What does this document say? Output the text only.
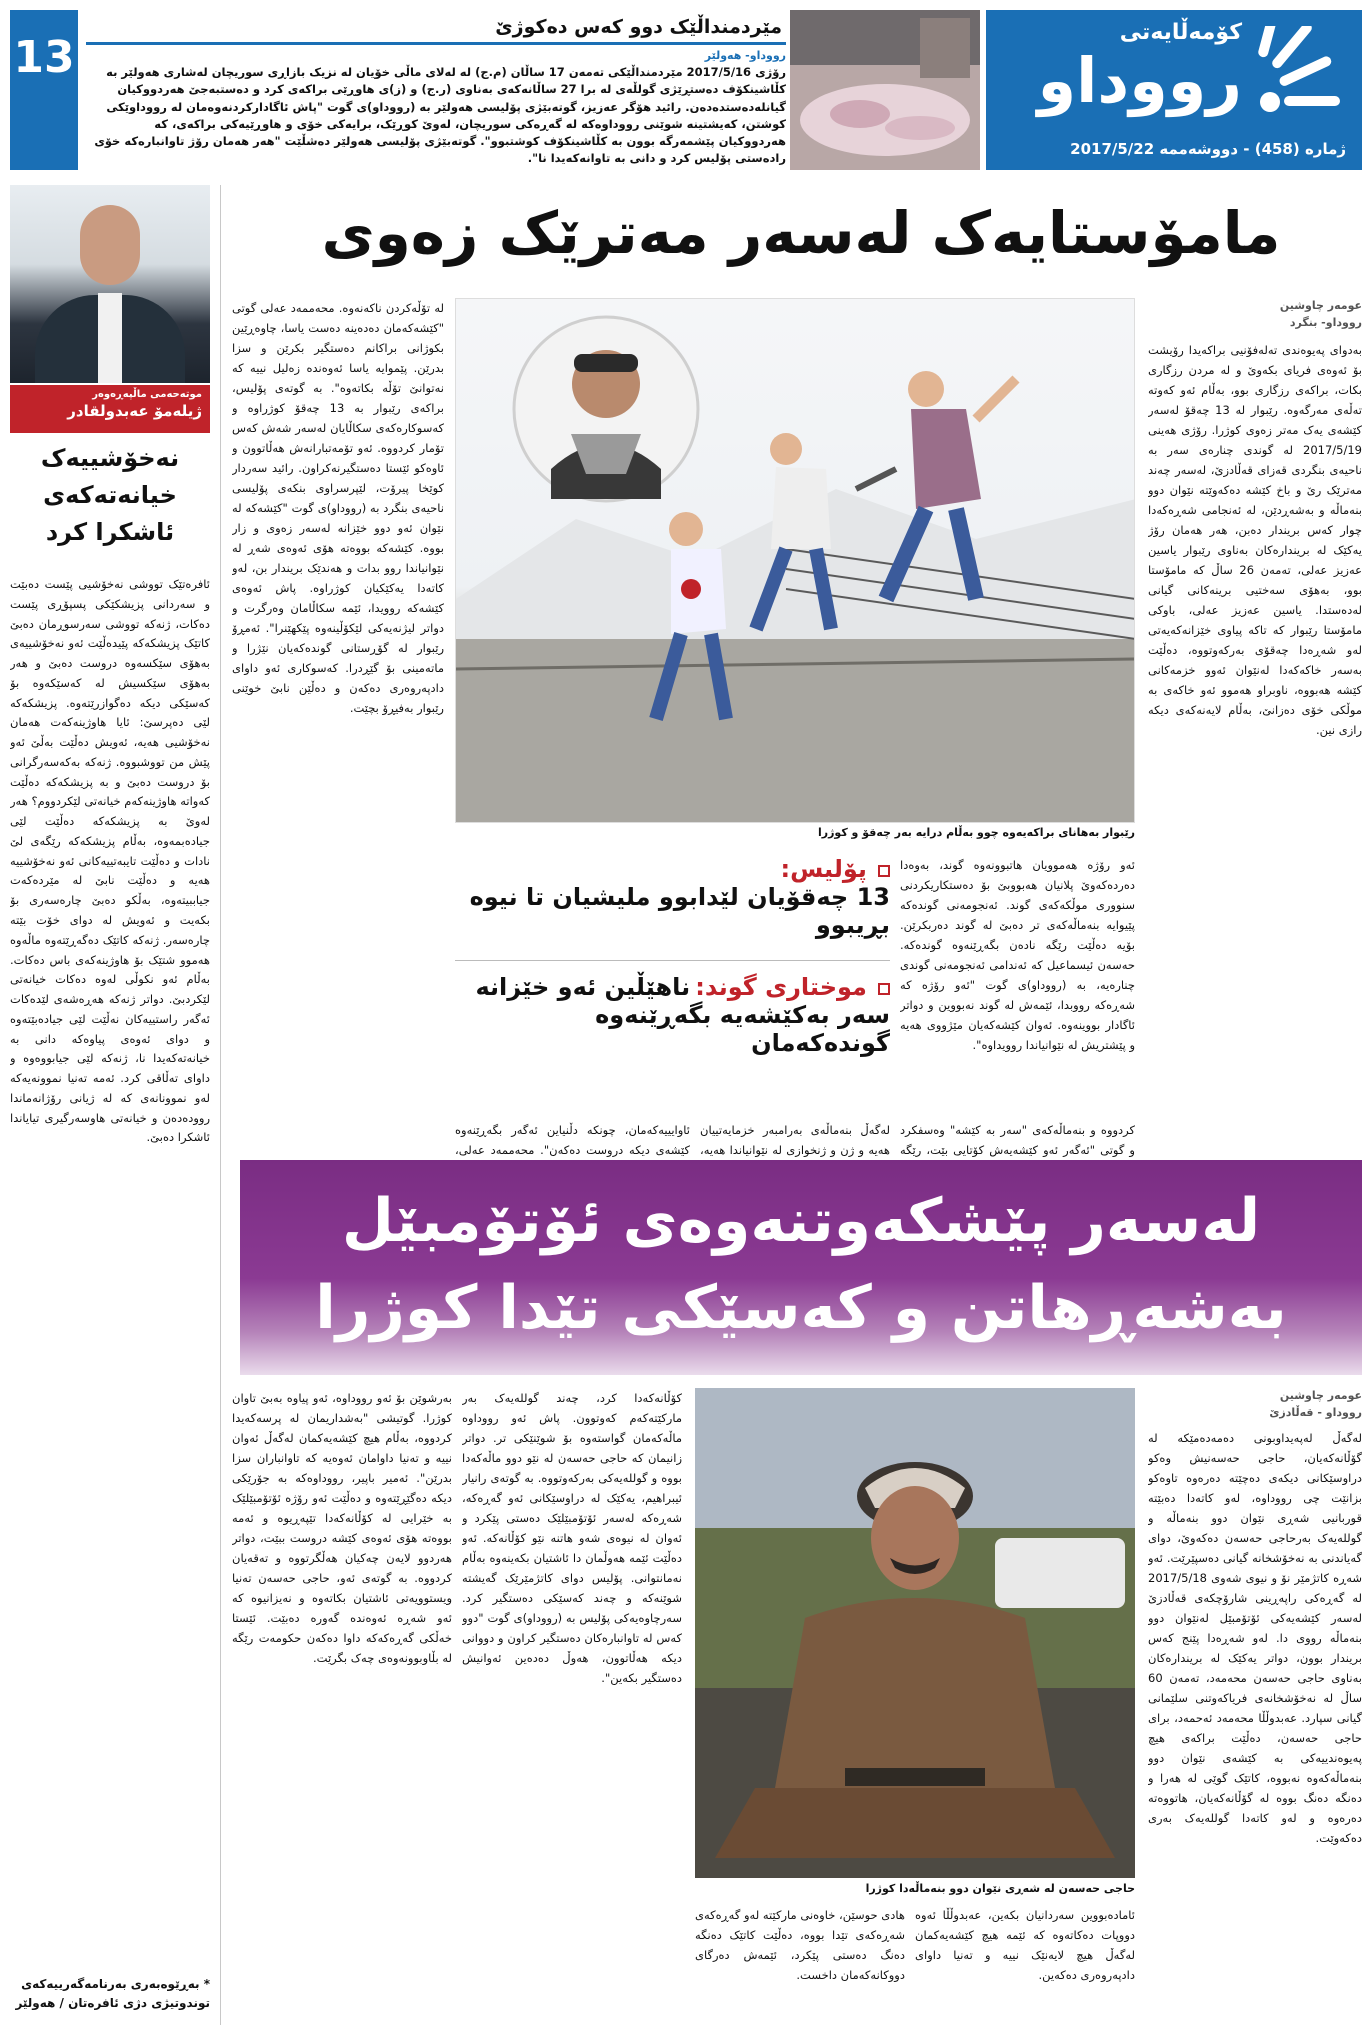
13
مێردمنداڵێک دوو کەس دەکوژێ
رووداو- هەولێر
رۆژی 2017/5/16 مێردمنداڵێکی تەمەن 17 ساڵان (م.ج) لە لەلای ماڵی خۆیان لە نزیک بازاڕی سوریچان لەشاری هەولێر بە کڵاشینکۆف دەستڕێژی گولڵەی لە برا 27 ساڵانەکەی بەناوی (ر.ج) و (ز)ی هاوڕێی براکەی کرد و دەستبەجێ هەردووکیان گیانلەدەستدەدەن. رائید هۆگر عەزیز، گوتەبێژی پۆلیسی هەولێر بە (رووداو)ی گوت "پاش ئاگادارکردنەوەمان لە رووداوێکی کوشتن، کەیشتینە شوێنی رووداوەکە لە گەڕەکی سوریچان، لەوێ کوڕێک، برایەکی خۆی و هاوڕێیەکی براکەی، کە هەردووکیان پێشمەرگە بوون بە کڵاشینکۆف کوشتبوو". گوتەبێژی پۆلیسی هەولێر دەشڵێت "هەر هەمان رۆژ تاوانبارەکە خۆی رادەستی پۆلیس کرد و دانی بە تاوانەکەیدا نا".
کۆمەڵایەتی
رووداو
ژمارە (458) - دووشەممە 2017/5/22
مامۆستایەک لەسەر مەترێک زەوی
موتەحەمی ماڵپەڕەوەر
ژیلەمۆ عەبدولقادر
نەخۆشییەک خیانەتەکەی ئاشکرا کرد
ئافرەتێک تووشی نەخۆشیی پێست دەبێت و سەردانی پزیشکێکی پسپۆڕی پێست دەکات، ژنەکە تووشی سەرسوڕمان دەبێ کاتێک پزیشکەکە پێیدەڵێت ئەو نەخۆشییەی بەهۆی سێکسەوە دروست دەبێ و هەر بەهۆی سێکسیش لە کەسێکەوە بۆ کەسێکی دیکە دەگوازرێتەوە. پزیشکەکە لێی دەپرسێ: ئایا هاوژینەکەت هەمان نەخۆشیی هەیە، ئەویش دەڵێت بەڵێ ئەو پێش من تووشبووە. ژنەکە بەکەسەرگرانی بۆ دروست دەبێ و بە پزیشکەکە دەڵێت کەواتە هاوژینەکەم خیانەتی لێکردووم؟ هەر لەوێ بە پزیشکەکە دەڵێت لێی جیادەبمەوە، بەڵام پزیشکەکە رێگەی لێ نادات و دەڵێت تایبەتییەکانی ئەو نەخۆشییە هەیە و دەڵێت نابێ لە مێردەکەت جیاببیتەوە، بەڵکو دەبێ چارەسەری بۆ بکەیت و ئەویش لە دوای خۆت بێتە چارەسەر. ژنەکە کاتێک دەگەڕێتەوە ماڵەوە هەموو شتێک بۆ هاوژینەکەی باس دەکات. بەڵام ئەو نکوڵی لەوە دەکات خیانەتی لێکردبێ. دواتر ژنەکە هەڕەشەی لێدەکات ئەگەر راستییەکان نەڵێت لێی جیادەبێتەوە و دوای ئەوەی پیاوەکە دانی بە خیانەتەکەیدا نا، ژنەکە لێی جیابووەوە و داوای تەڵاقی کرد. ئەمە تەنیا نموونەیەکە لەو نموونانەی کە لە ژیانی رۆژانەماندا روودەدەن و خیانەتی هاوسەرگیری تیایاندا ئاشکرا دەبێ.
* بەڕێوەبەری بەرنامەگەرییەکەی توندوتیژی دژی ئافرەتان / هەولێر
عومەر چاوشین
رووداو- بنگرد
بەدوای پەیوەندی تەلەفۆنیی براکەیدا رۆیشت بۆ ئەوەی فریای بکەوێ و لە مردن رزگاری بکات، براکەی رزگاری بوو، بەڵام ئەو کەوتە تەڵەی مەرگەوە. رێبوار لە 13 چەقۆ لەسەر کێشەی یەک مەتر زەوی کوژرا. رۆژی هەینی 2017/5/19 لە گوندی چنارەی سەر بە ناحیەی بنگردی قەزای قەڵادزێ، لەسەر چەند مەترێک رێ و باخ کێشە دەکەوێتە نێوان دوو بنەماڵە و بەشەڕدێن، لە ئەنجامی شەڕەکەدا چوار کەس بریندار دەبن، هەر هەمان رۆژ یەکێک لە بریندارەکان بەناوی رێبوار یاسین عەزیز عەلی، تەمەن 26 ساڵ کە مامۆستا بوو، بەهۆی سەختیی برینەکانی گیانی لەدەستدا. یاسین عەزیز عەلی، باوکی مامۆستا رێبوار کە تاکە پیاوی خێزانەکەیەتی لەو شەڕەدا چەقۆی بەرکەوتووە، دەڵێت بەسەر خاکەکەدا لەنێوان ئەوو خزمەکانی کێشە هەبووە، ناوبراو هەموو ئەو خاکەی بە موڵکی خۆی دەزانێ، بەڵام لایەنەکەی دیکە رازی نین.
رێبوار بەهانای براکەیەوە چوو بەڵام درایە بەر چەقۆ و کوژرا
لە تۆڵەکردن ناکەنەوە. محەممەد عەلی گوتی "کێشەکەمان دەدەینە دەست یاسا، چاوەڕێین بکوژانی براکانم دەستگیر بکرێن و سزا بدرێن. پێموایە یاسا ئەوەندە زەلیل نییە کە نەتوانێ تۆڵە بکاتەوە". بە گوتەی پۆلیس، براکەی رێبوار بە 13 چەقۆ کوژراوە و کەسوکارەکەی سکاڵایان لەسەر شەش کەس تۆمار کردووە. ئەو تۆمەتبارانەش هەڵاتوون و ئاوەکو ئێستا دەستگیرنەکراون. رائید سەردار کوێخا پیرۆت، لێپرسراوی بنکەی پۆلیسی ناحیەی بنگرد بە (رووداو)ی گوت "کێشەکە لە نێوان ئەو دوو خێزانە لەسەر زەوی و زار بووە. کێشەکە بووەتە هۆی ئەوەی شەڕ لە نێوانیاندا روو بدات و هەندێک بریندار بن، لەو کاتەدا یەکێکیان کوژراوە. پاش ئەوەی کێشەکە روویدا، ئێمە سکاڵامان وەرگرت و دواتر لیژنەیەکی لێکۆڵینەوە پێکهێنرا". ئەمڕۆ رێبوار لە گۆڕستانی گوندەکەیان نێژرا و ماتەمینی بۆ گێڕدرا. کەسوکاری ئەو داوای دادپەروەری دەکەن و دەڵێن نابێ خوێنی رێبوار بەفیڕۆ بچێت.
پۆلیس:
13 چەقۆیان لێدابوو ملیشیان تا نیوە بڕیبوو
موختاری گوند: ناهێڵین ئەو خێزانە سەر بەکێشەیە بگەڕێنەوە گوندەکەمان
ئەو رۆژە هەموویان هاتبوونەوە گوند، بەوەدا دەردەکەوێ پلانیان هەبووبێ بۆ دەستکاریکردنی سنووری موڵکەکەی گوند. ئەنجومەنی گوندەکە پێیوایە بنەماڵەکەی تر دەبێ لە گوند دەربکرێن. بۆیە دەڵێت رێگە نادەن بگەڕێنەوە گوندەکە. حەسەن ئیسماعیل کە ئەندامی ئەنجومەنی گوندی چنارەیە، بە (رووداو)ی گوت "ئەو رۆژە کە شەڕەکە رووبدا، ئێمەش لە گوند نەبووین و دواتر ئاگادار بووینەوە. ئەوان کێشەکەیان مێژووی هەیە و پێشتریش لە نێوانیاندا روویداوە".
ئاوایییەکەمان، چونکە دڵنیاین ئەگەر بگەڕێنەوە کێشەی دیکە دروست دەکەن". محەممەد عەلی،
لەگەڵ بنەماڵەی بەرامبەر خزمایەتییان هەیە و ژن و ژنخوازی لە نێوانیاندا هەیە،
کردووە و بنەماڵەکەی "سەر بە کێشە" وەسفکرد و گوتی "ئەگەر ئەو کێشەیەش کۆتایی بێت، رێگە
لەسەر پێشکەوتنەوەی ئۆتۆمبێل بەشەڕهاتن و کەسێکی تێدا کوژرا
عومەر چاوشین
رووداو - قەڵادزێ
لەگەڵ لەپەیداوبونی دەمەدەمێکە لە گۆڵانەکەیان، حاجی حەسەنیش وەکو دراوسێکانی دیکەی دەچێتە دەرەوە تاوەکو بزانێت چی رووداوە، لەو کاتەدا دەبێتە قوربانیی شەڕی نێوان دوو بنەماڵە و گوللەیەک بەرحاجی حەسەن دەکەوێ، دوای گەیاندنی بە نەخۆشخانە گیانی دەسپێرێت. ئەو شەڕە کاتژمێر نۆ و نیوی شەوی 2017/5/18 لە گەڕەکی راپەڕینی شارۆچکەی قەڵادزێ لەسەر کێشەیەکی ئۆتۆمبێل لەنێوان دوو بنەماڵە رووی دا. لەو شەڕەدا پێنج کەس بریندار بوون، دواتر یەکێک لە بریندارەکان بەناوی حاجی حەسەن محەمەد، تەمەن 60 ساڵ لە نەخۆشخانەی فریاکەوتنی سلێمانی گیانی سپارد. عەبدوڵڵا محەمەد ئەحمەد، برای حاجی حەسەن، دەڵێت براکەی هیچ پەیوەندییەکی بە کێشەی نێوان دوو بنەماڵەکەوە نەبووە، کاتێک گوێی لە هەرا و دەنگە دەنگ بووە لە گۆڵانەکەیان، هاتووەتە دەرەوە و لەو کاتەدا گوللەیەک بەری دەکەوێت.
حاجی حەسەن لە شەڕی نێوان دوو بنەماڵەدا کوژرا
ئامادەبووین سەردانیان بکەین، عەبدوڵڵا ئەوە دووپات دەکاتەوە کە ئێمە هیچ کێشەیەکمان لەگەڵ هیچ لایەنێک نییە و تەنیا داوای دادپەروەری دەکەین.
هادی حوسێن، خاوەنی مارکێتە لەو گەڕەکەی شەڕەکەی تێدا بووە، دەڵێت کاتێک دەنگە دەنگ دەستی پێکرد، ئێمەش دەرگای دووکانەکەمان داخست.
کۆڵانەکەدا کرد، چەند گوللەیەک بەر مارکێتەکەم کەوتوون. پاش ئەو رووداوە ماڵەکەمان گواستەوە بۆ شوێنێکی تر. دواتر زانیمان کە حاجی حەسەن لە نێو دوو ماڵەکەدا بووە و گوللەیەکی بەرکەوتووە. بە گوتەی رانیار ئیبراهیم، یەکێک لە دراوسێکانی ئەو گەڕەکە، شەڕەکە لەسەر ئۆتۆمبێلێک دەستی پێکرد و ئەوان لە نیوەی شەو هاتنە نێو کۆڵانەکە. ئەو دەڵێت ئێمە هەوڵمان دا ئاشتیان بکەینەوە بەڵام نەمانتوانی. پۆلیس دوای کاتژمێرێک گەیشتە شوێنەکە و چەند کەسێکی دەستگیر کرد. سەرچاوەیەکی پۆلیس بە (رووداو)ی گوت "دوو کەس لە تاوانبارەکان دەستگیر کراون و دووانی دیکە هەڵاتوون، هەوڵ دەدەین ئەوانیش دەستگیر بکەین".
بەرشوێن بۆ ئەو رووداوە، ئەو پیاوە بەبێ تاوان کوژرا. گوتیشی "بەشداریمان لە پرسەکەیدا کردووە، بەڵام هیچ کێشەیەکمان لەگەڵ ئەوان نییە و تەنیا داوامان ئەوەیە کە تاوانباران سزا بدرێن". ئەمیر باپیر، رووداوەکە بە جۆرێکی دیکە دەگێڕێتەوە و دەڵێت ئەو رۆژە ئۆتۆمبێلێک بە خێرایی لە کۆڵانەکەدا تێپەڕیوە و ئەمە بووەتە هۆی ئەوەی کێشە دروست ببێت، دواتر هەردوو لایەن چەکیان هەڵگرتووە و تەقەیان کردووە. بە گوتەی ئەو، حاجی حەسەن تەنیا ویستوویەتی ئاشتیان بکاتەوە و نەیزانیوە کە ئەو شەڕە ئەوەندە گەورە دەبێت. ئێستا خەڵکی گەڕەکەکە داوا دەکەن حکومەت رێگە لە بڵاوبوونەوەی چەک بگرێت.
